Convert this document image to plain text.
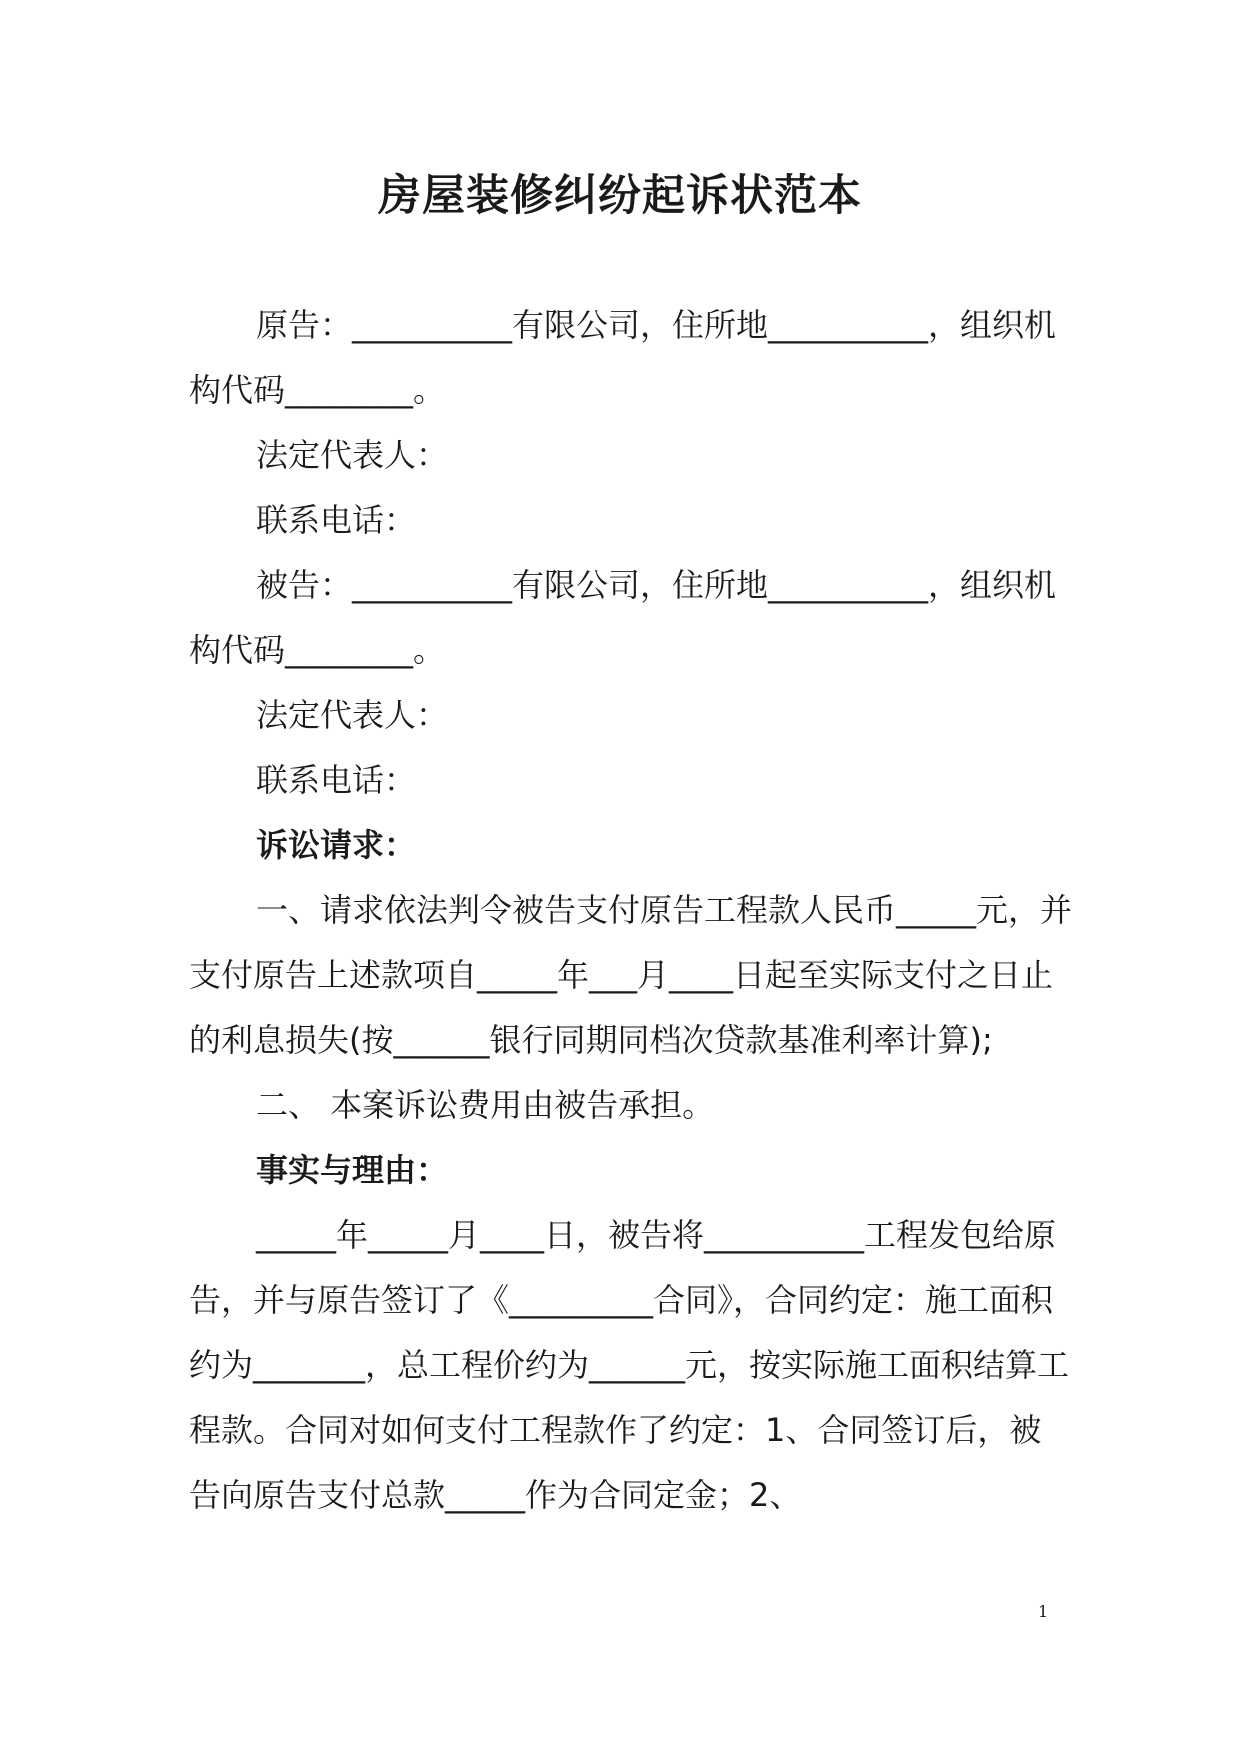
房屋装修纠纷起诉状范本

原告：__________有限公司，住所地__________，组织机构代码________。

法定代表人：

联系电话：

被告：__________有限公司，住所地__________，组织机构代码________。

法定代表人：

联系电话：

诉讼请求：

一、请求依法判令被告支付原告工程款人民币_____元，并支付原告上述款项自_____年___月____日起至实际支付之日止的利息损失(按______银行同期同档次贷款基准利率计算);

二、 本案诉讼费用由被告承担。

事实与理由：

_____年_____月____日，被告将__________工程发包给原告，并与原告签订了《_________合同》，合同约定：施工面积约为_______，总工程价约为______元，按实际施工面积结算工程款。合同对如何支付工程款作了约定：1、合同签订后，被告向原告支付总款_____作为合同定金；2、

1
